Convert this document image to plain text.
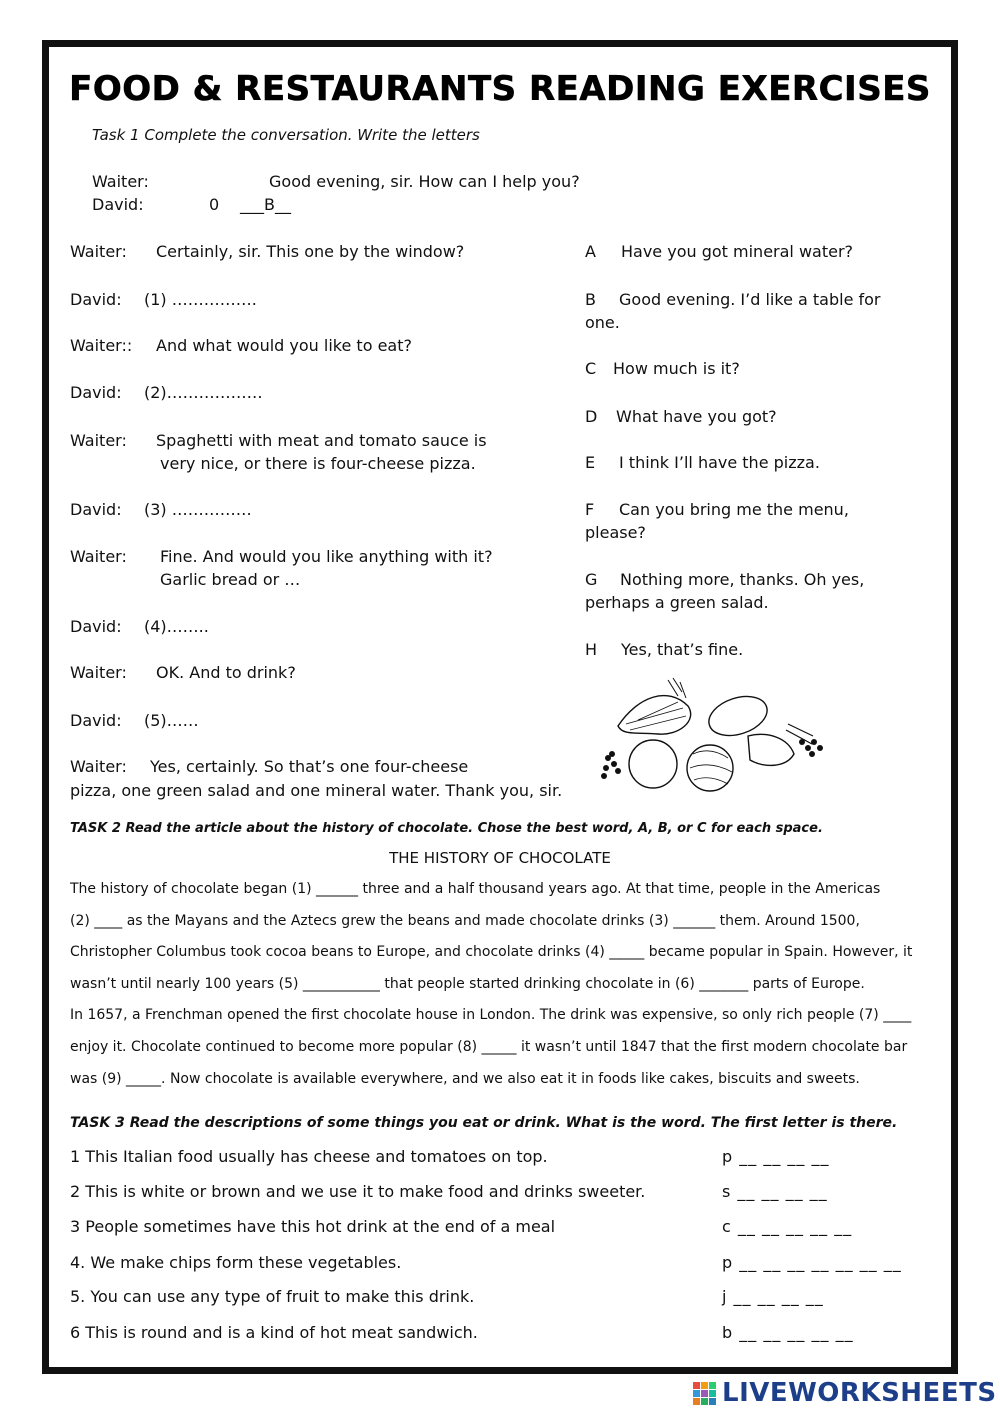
FOOD & RESTAURANTS READING EXERCISES
Task 1 Complete the conversation. Write the letters
Waiter:	Good evening, sir. How can I help you?
David:	0 ___B__
Waiter: Certainly, sir. This one by the window?
David: (1) …………….
Waiter:: And what would you like to eat?
David: (2)………………
Waiter: Spaghetti with meat and tomato sauce is
very nice, or there is four-cheese pizza.
David: (3) ……………
Waiter: Fine. And would you like anything with it?
Garlic bread or …
David: (4)……..
Waiter: OK. And to drink?
David: (5)……
Waiter: Yes, certainly. So that’s one four-cheese
pizza, one green salad and one mineral water. Thank you, sir.
A Have you got mineral water?
B Good evening. I’d like a table for
one.
C How much is it?
D What have you got?
E I think I’ll have the pizza.
F Can you bring me the menu,
please?
G Nothing more, thanks. Oh yes,
perhaps a green salad.
H Yes, that’s fine.
TASK 2 Read the article about the history of chocolate. Chose the best word, A, B, or C for each space.
THE HISTORY OF CHOCOLATE
The history of chocolate began (1) ______ three and a half thousand years ago. At that time, people in the Americas
(2) ____ as the Mayans and the Aztecs grew the beans and made chocolate drinks (3) ______ them. Around 1500,
Christopher Columbus took cocoa beans to Europe, and chocolate drinks (4) _____ became popular in Spain. However, it
wasn’t until nearly 100 years (5) ___________ that people started drinking chocolate in (6) _______ parts of Europe.
In 1657, a Frenchman opened the first chocolate house in London. The drink was expensive, so only rich people (7) ____
enjoy it. Chocolate continued to become more popular (8) _____ it wasn’t until 1847 that the first modern chocolate bar
was (9) _____. Now chocolate is available everywhere, and we also eat it in foods like cakes, biscuits and sweets.
TASK 3 Read the descriptions of some things you eat or drink. What is the word. The first letter is there.
1 This Italian food usually has cheese and tomatoes on top.	p __ __ __ __
2 This is white or brown and we use it to make food and drinks sweeter.	s __ __ __ __
3 People sometimes have this hot drink at the end of a meal	c __ __ __ __ __
4. We make chips form these vegetables.	p __ __ __ __ __ __ __
5. You can use any type of fruit to make this drink.	j __ __ __ __
6 This is round and is a kind of hot meat sandwich.	b __ __ __ __ __
LIVEWORKSHEETS
